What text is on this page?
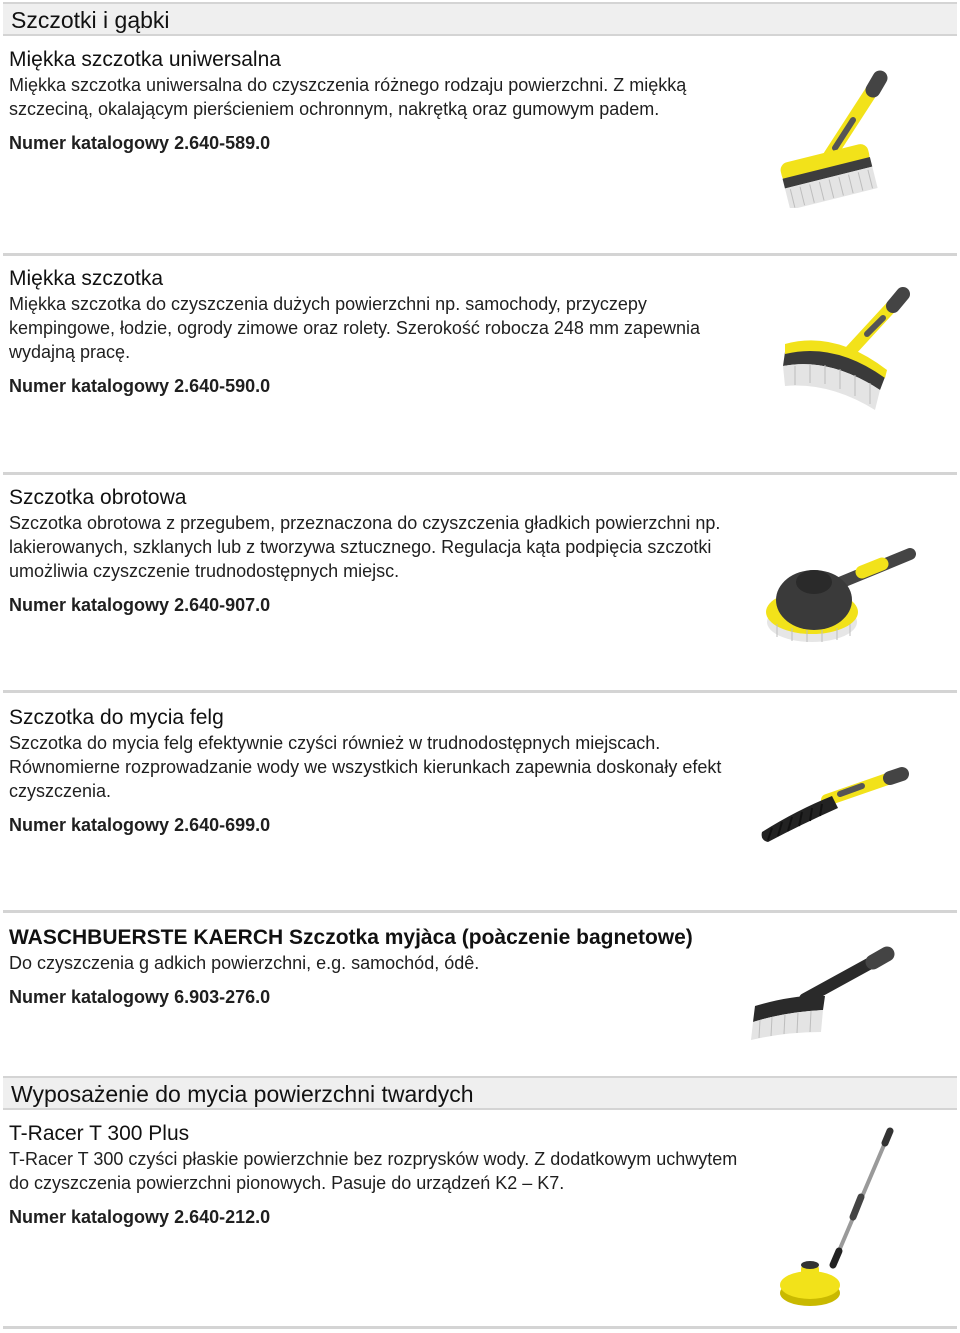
Szczotki i gąbki
Miękka szczotka uniwersalna
Miękka szczotka uniwersalna do czyszczenia różnego rodzaju powierzchni. Z miękką szczeciną, okalającym pierścieniem ochronnym, nakrętką oraz gumowym padem.
Numer katalogowy 2.640-589.0
Miękka szczotka
Miękka szczotka do czyszczenia dużych powierzchni np. samochody, przyczepy kempingowe, łodzie, ogrody zimowe oraz rolety. Szerokość robocza 248 mm zapewnia wydajną pracę.
Numer katalogowy 2.640-590.0
Szczotka obrotowa
Szczotka obrotowa z przegubem, przeznaczona do czyszczenia gładkich powierzchni np. lakierowanych, szklanych lub z tworzywa sztucznego. Regulacja kąta podpięcia szczotki umożliwia czyszczenie trudnodostępnych miejsc.
Numer katalogowy 2.640-907.0
Szczotka do mycia felg
Szczotka do mycia felg efektywnie czyści również w trudnodostępnych miejscach. Równomierne rozprowadzanie wody we wszystkich kierunkach zapewnia doskonały efekt czyszczenia.
Numer katalogowy 2.640-699.0
WASCHBUERSTE KAERCH Szczotka myjàca (poàczenie bagnetowe)
Do czyszczenia g adkich powierzchni, e.g. samochód, ódê.
Numer katalogowy 6.903-276.0
Wyposażenie do mycia powierzchni twardych
T-Racer T 300 Plus
T-Racer T 300 czyści płaskie powierzchnie bez rozprysków wody. Z dodatkowym uchwytem do czyszczenia powierzchni pionowych. Pasuje do urządzeń K2 – K7.
Numer katalogowy 2.640-212.0
